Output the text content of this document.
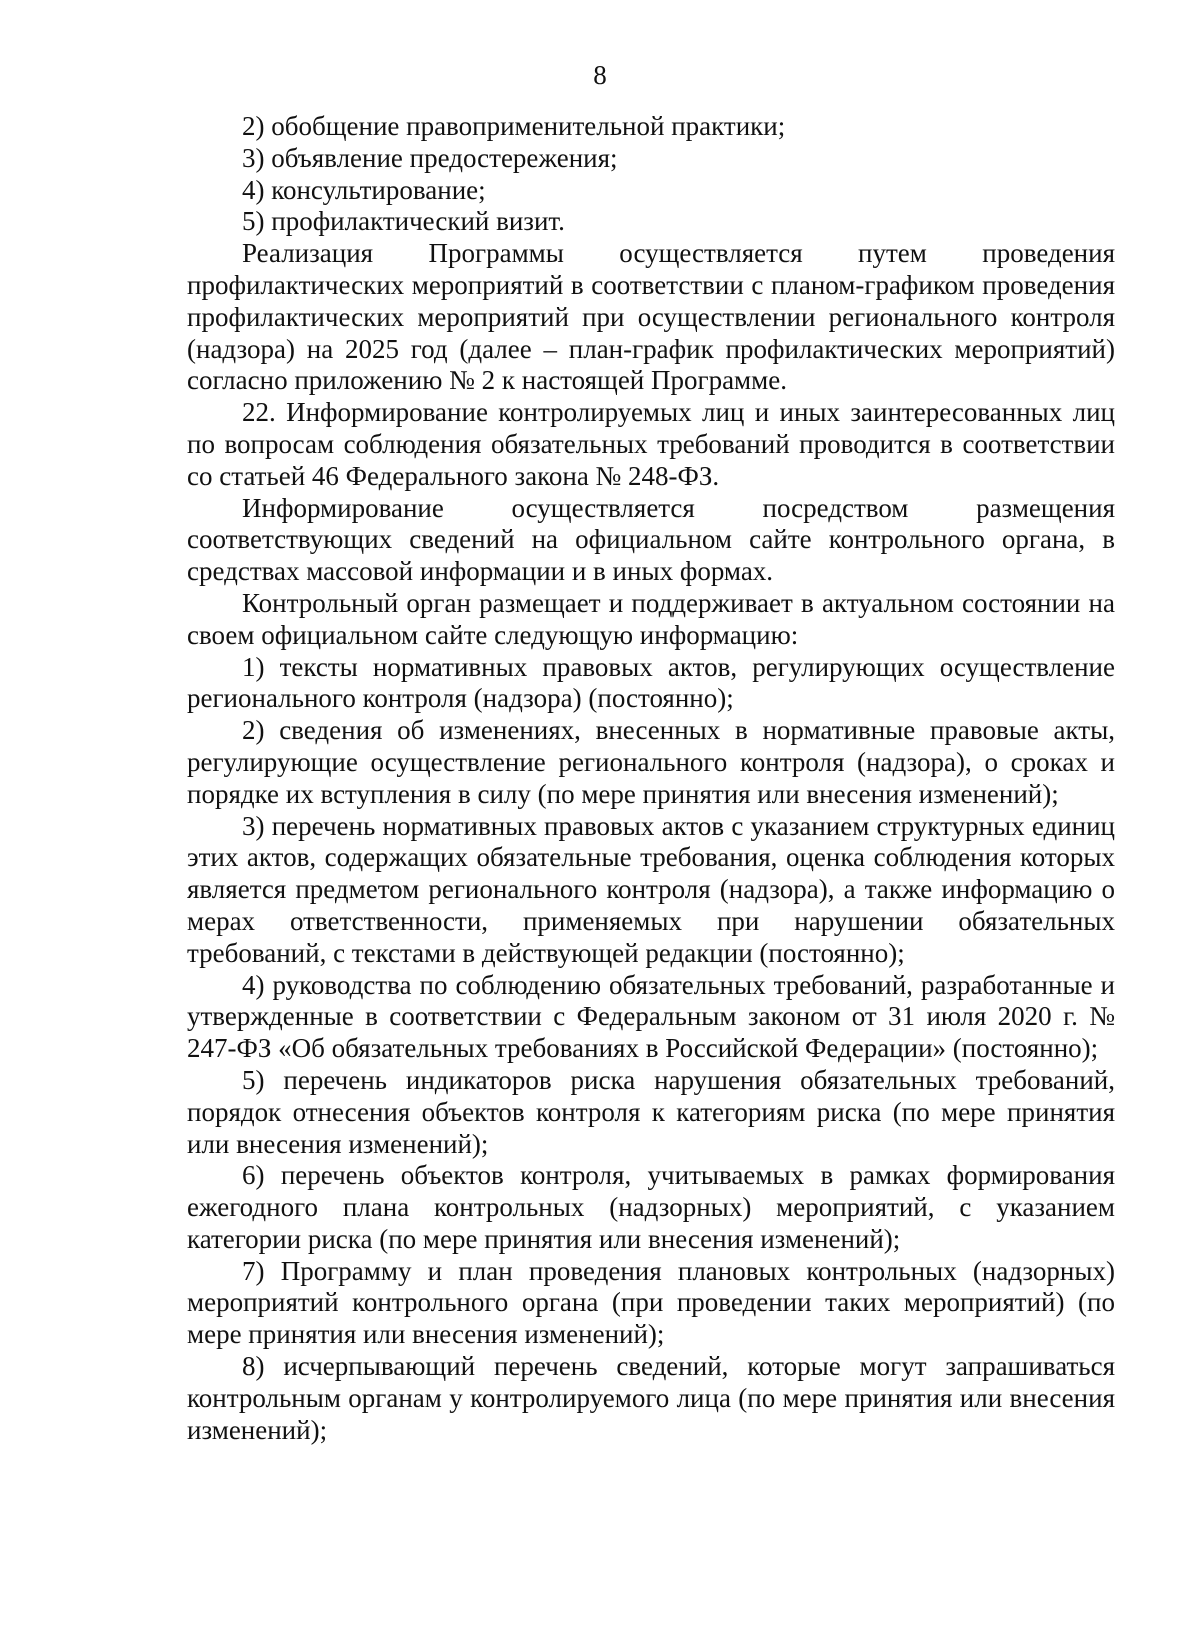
8

2) обобщение правоприменительной практики;

3) объявление предостережения;

4) консультирование;

5) профилактический визит.

Реализация Программы осуществляется путем проведения профилактических мероприятий в соответствии с планом-графиком проведения профилактических мероприятий при осуществлении регионального контроля (надзора) на 2025 год (далее – план-график профилактических мероприятий) согласно приложению № 2 к настоящей Программе.

22. Информирование контролируемых лиц и иных заинтересованных лиц по вопросам соблюдения обязательных требований проводится в соответствии со статьей 46 Федерального закона № 248-ФЗ.

Информирование осуществляется посредством размещения соответствующих сведений на официальном сайте контрольного органа, в средствах массовой информации и в иных формах.

Контрольный орган размещает и поддерживает в актуальном состоянии на своем официальном сайте следующую информацию:

1) тексты нормативных правовых актов, регулирующих осуществление регионального контроля (надзора) (постоянно);

2) сведения об изменениях, внесенных в нормативные правовые акты, регулирующие осуществление регионального контроля (надзора), о сроках и порядке их вступления в силу (по мере принятия или внесения изменений);

3) перечень нормативных правовых актов с указанием структурных единиц этих актов, содержащих обязательные требования, оценка соблюдения которых является предметом регионального контроля (надзора), а также информацию о мерах ответственности, применяемых при нарушении обязательных требований, с текстами в действующей редакции (постоянно);

4) руководства по соблюдению обязательных требований, разработанные и утвержденные в соответствии с Федеральным законом от 31 июля 2020 г. № 247-ФЗ «Об обязательных требованиях в Российской Федерации» (постоянно);

5) перечень индикаторов риска нарушения обязательных требований, порядок отнесения объектов контроля к категориям риска (по мере принятия или внесения изменений);

6) перечень объектов контроля, учитываемых в рамках формирования ежегодного плана контрольных (надзорных) мероприятий, с указанием категории риска (по мере принятия или внесения изменений);

7) Программу и план проведения плановых контрольных (надзорных) мероприятий контрольного органа (при проведении таких мероприятий) (по мере принятия или внесения изменений);

8) исчерпывающий перечень сведений, которые могут запрашиваться контрольным органам у контролируемого лица (по мере принятия или внесения изменений);
